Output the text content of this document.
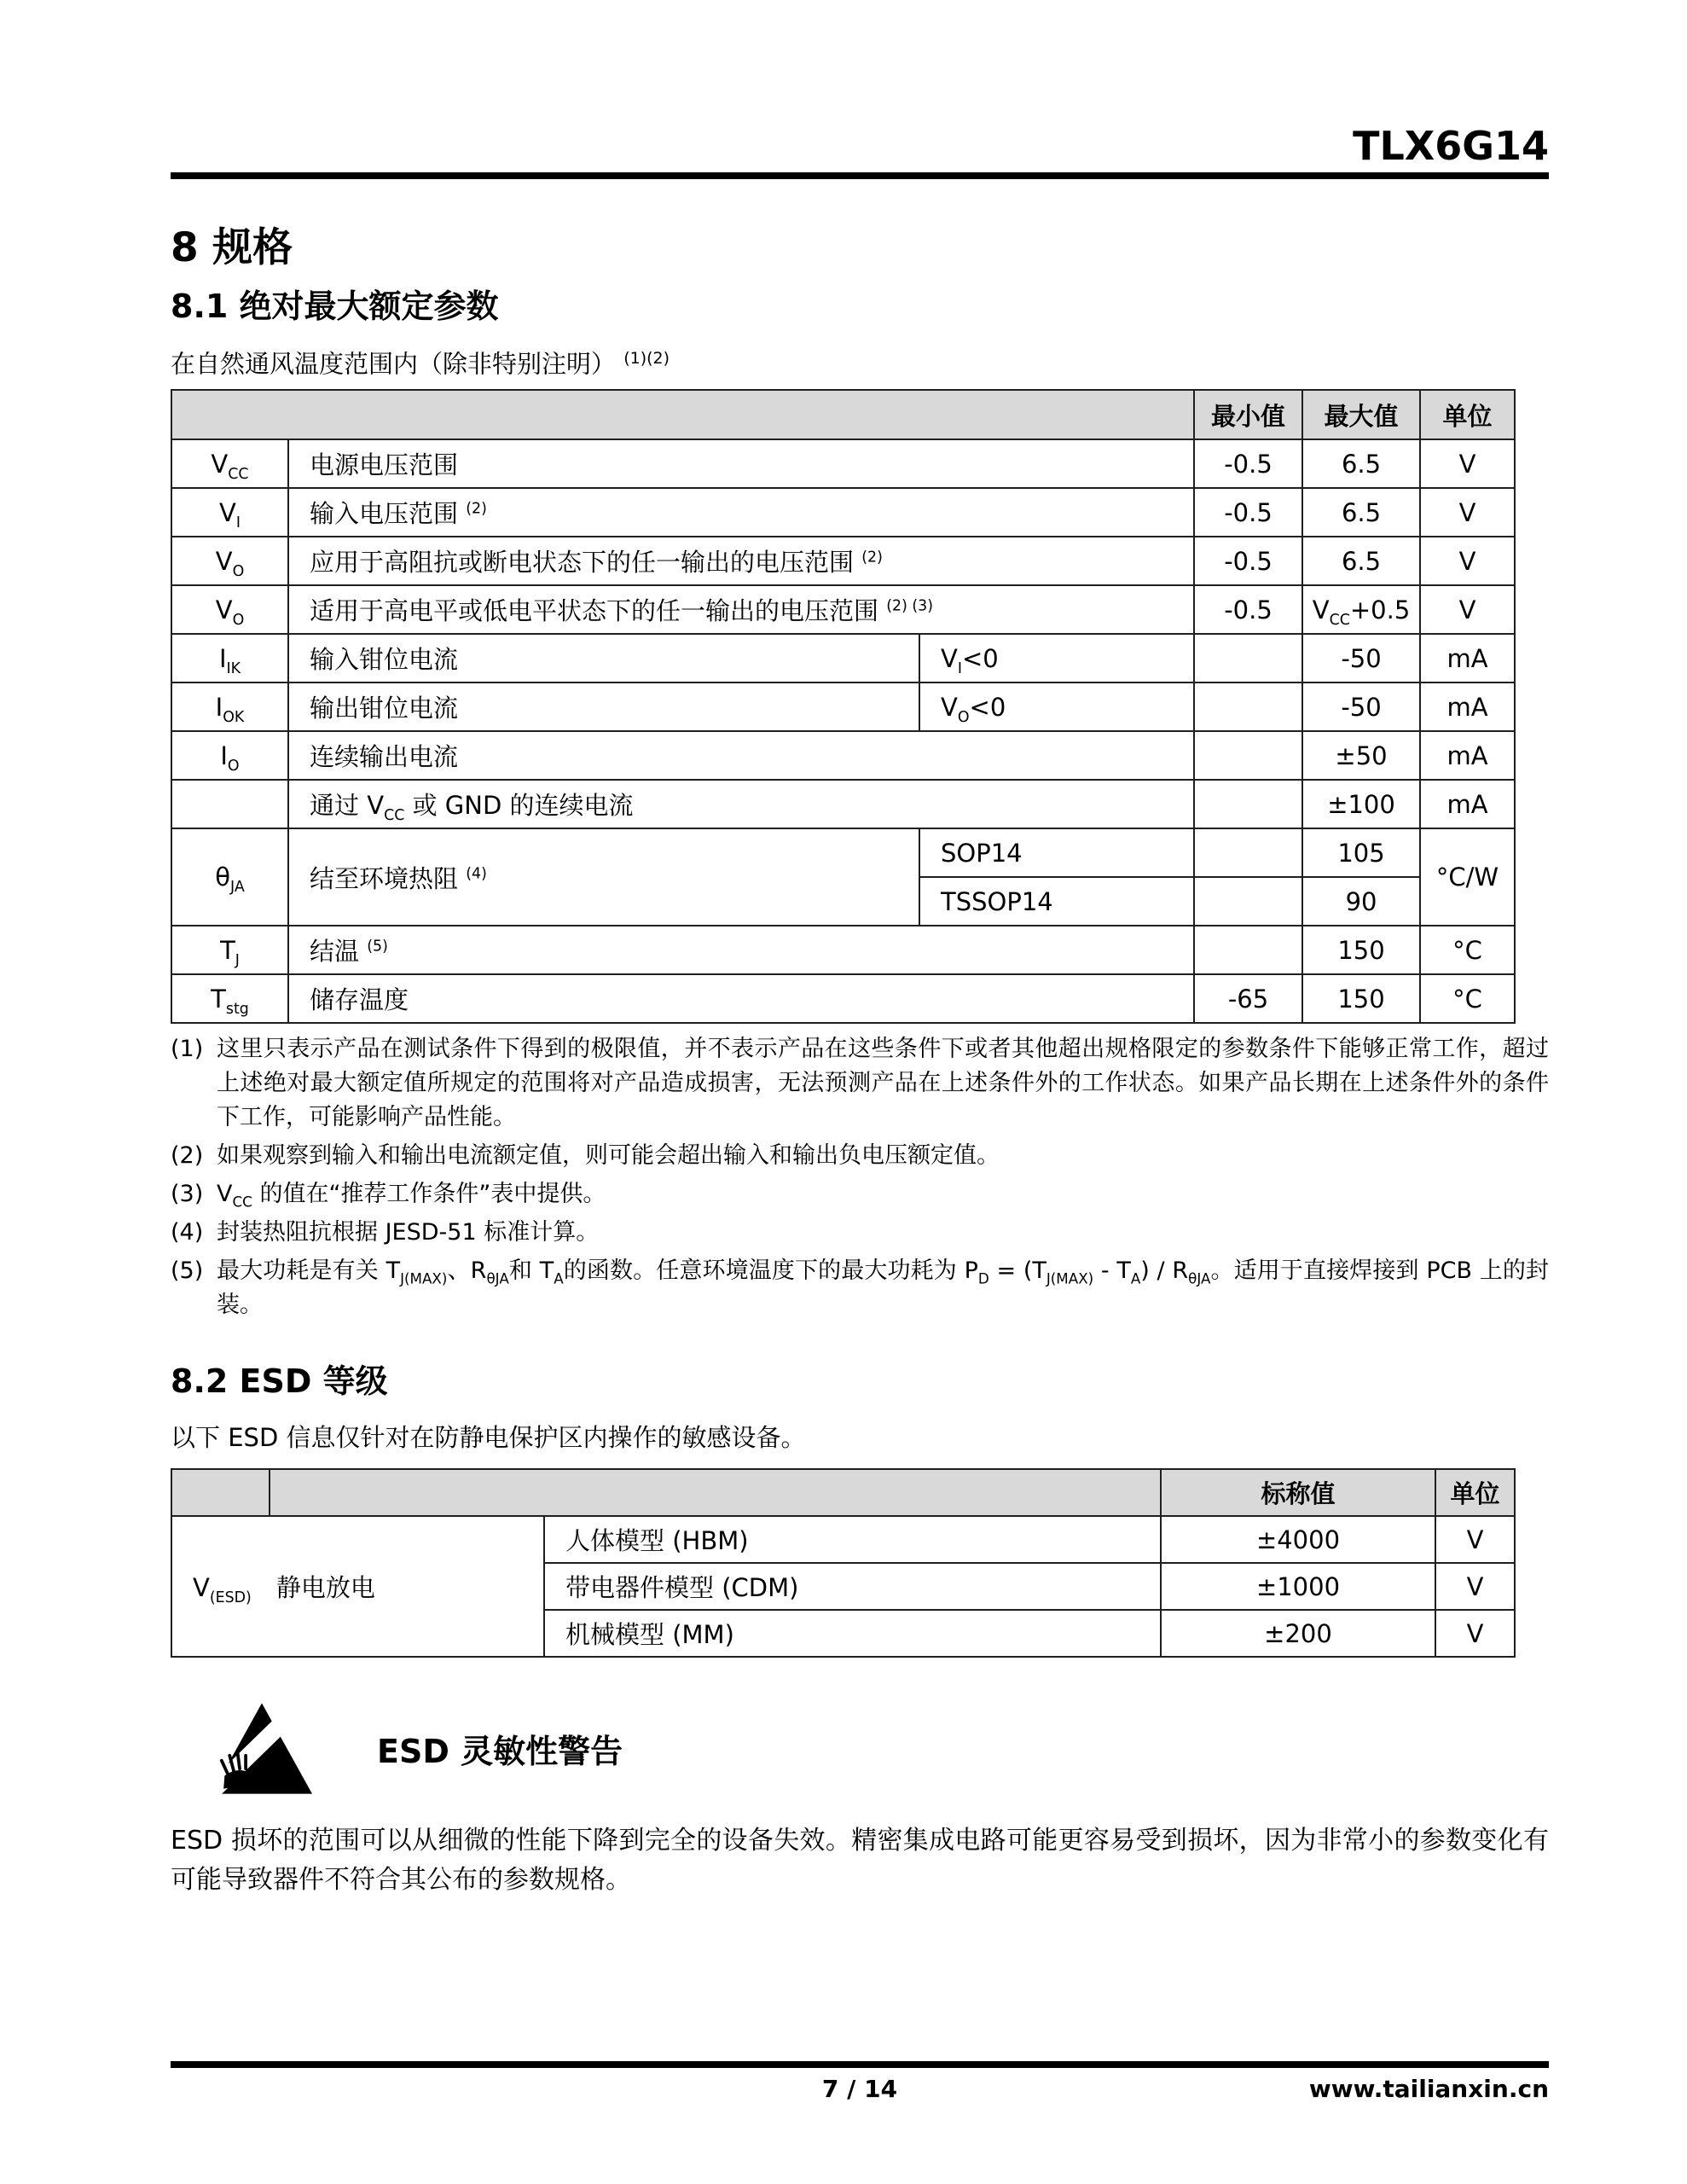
TLX6G14
8 规格
8.1 绝对最大额定参数

在自然通风温度范围内（除非特别注明） $^{(1)(2)}$

			最小值	最大值	单位
$V_{CC}$	电源电压范围		-0.5	6.5	V
$V_I$	输入电压范围 $^{(2)}$		-0.5	6.5	V
$V_O$	应用于高阻抗或断电状态下的任一输出的电压范围 $^{(2)}$		-0.5	6.5	V
$V_O$	适用于高电平或低电平状态下的任一输出的电压范围 $^{(2) (3)}$		-0.5	$V_{CC}+0.5$	V
$I_{IK}$	输入钳位电流	$V_I<0$		-50	mA
$I_{OK}$	输出钳位电流	$V_O<0$		-50	mA
$I_O$	连续输出电流			±50	mA
	通过 $V_{CC}$ 或 GND 的连续电流			±100	mA
$\theta_{JA}$	结至环境热阻 $^{(4)}$	SOP14		105	°C/W
		TSSOP14		90	
$T_J$	结温 $^{(5)}$			150	°C
$T_{stg}$	储存温度		-65	150	°C
(1) 这里只表示产品在测试条件下得到的极限值，并不表示产品在这些条件下或者其他超出规格限定的参数条件下能够正常工作，超过上述绝对最大额定值所规定的范围将对产品造成损害，无法预测产品在上述条件外的工作状态。如果产品长期在上述条件外的条件下工作，可能影响产品性能。
(2) 如果观察到输入和输出电流额定值，则可能会超出输入和输出负电压额定值。
(3) $V_{CC}$ 的值在“推荐工作条件”表中提供。
(4) 封装热阻抗根据 JESD-51 标准计算。
(5) 最大功耗是有关 $T_{J(MAX)}$、$R_{\theta JA}$和 $T_A$的函数。任意环境温度下的最大功耗为 $P_D = (T_{J(MAX)} - T_A) / R_{\theta JA}$。适用于直接焊接到 PCB 上的封装。
8.2 ESD 等级

以下 ESD 信息仅针对在防静电保护区内操作的敏感设备。

			标称值	单位
$V_{(ESD)}$　静电放电		人体模型 (HBM)	±4000	V
		带电器件模型 (CDM)	±1000	V
		机械模型 (MM)	±200	V
ESD 灵敏性警告

ESD 损坏的范围可以从细微的性能下降到完全的设备失效。精密集成电路可能更容易受到损坏，因为非常小的参数变化有可能导致器件不符合其公布的参数规格。

7 / 14	www.tailianxin.cn
